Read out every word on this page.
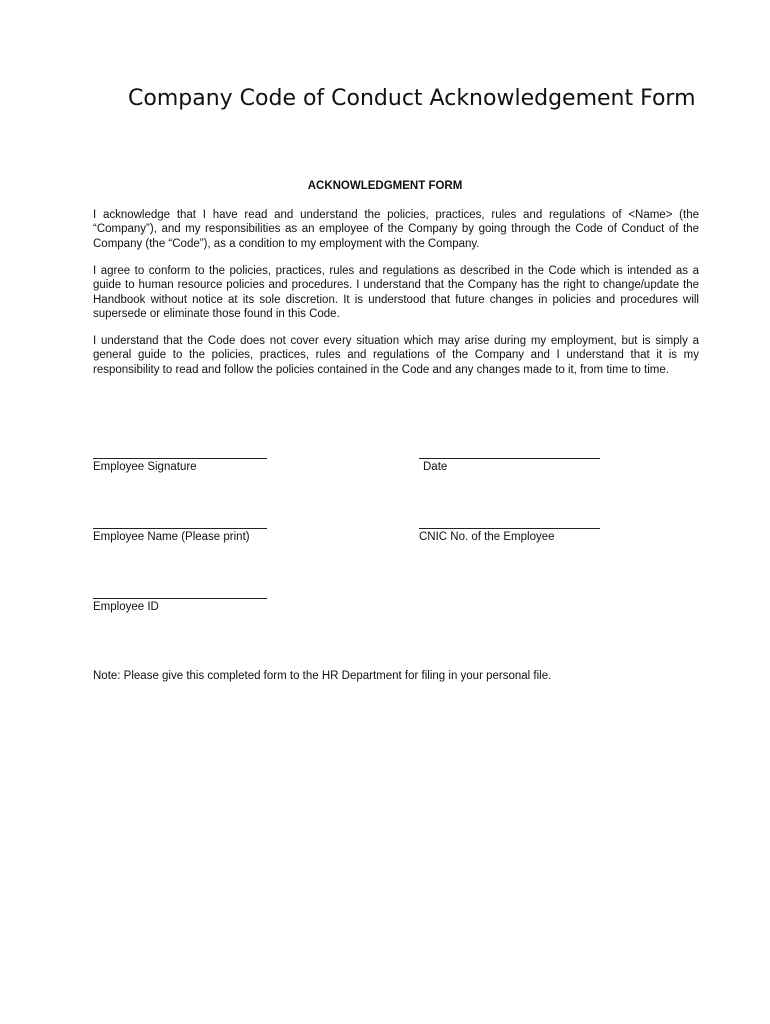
Company Code of Conduct Acknowledgement Form
ACKNOWLEDGMENT FORM
I acknowledge that I have read and understand the policies, practices, rules and regulations of <Name> (the “Company”), and my responsibilities as an employee of the Company by going through the Code of Conduct of the Company (the “Code”), as a condition to my employment with the Company.
I agree to conform to the policies, practices, rules and regulations as described in the Code which is intended as a guide to human resource policies and procedures. I understand that the Company has the right to change/update the Handbook without notice at its sole discretion. It is understood that future changes in policies and procedures will supersede or eliminate those found in this Code.
I understand that the Code does not cover every situation which may arise during my employment, but is simply a general guide to the policies, practices, rules and regulations of the Company and I understand that it is my responsibility to read and follow the policies contained in the Code and any changes made to it, from time to time.
Employee Signature	Date
Employee Name (Please print)	CNIC No. of the Employee
Employee ID
Note: Please give this completed form to the HR Department for filing in your personal file.
